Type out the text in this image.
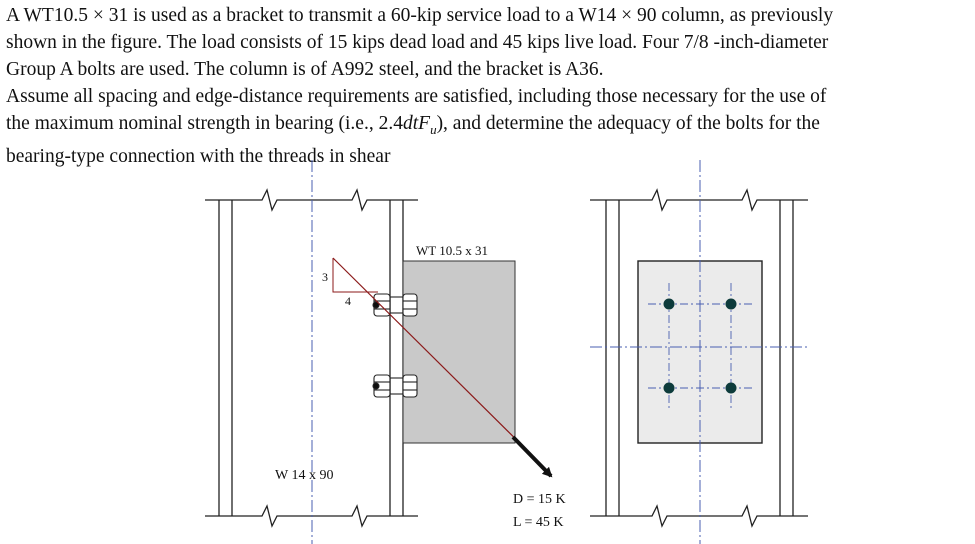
A WT10.5 × 31 is used as a bracket to transmit a 60-kip service load to a W14 × 90 column, as previously
shown in the figure. The load consists of 15 kips dead load and 45 kips live load. Four 7/8 -inch-diameter
Group A bolts are used. The column is of A992 steel, and the bracket is A36.

Assume all spacing and edge-distance requirements are satisfied, including those necessary for the use of
the maximum nominal strength in bearing (i.e., 2.4dtF$_u$), and determine the adequacy of the bolts for the
bearing-type connection with the threads in shear

WT 10.5 x 31
3
4
D = 15 K
L = 45 K
W 14 x 90
